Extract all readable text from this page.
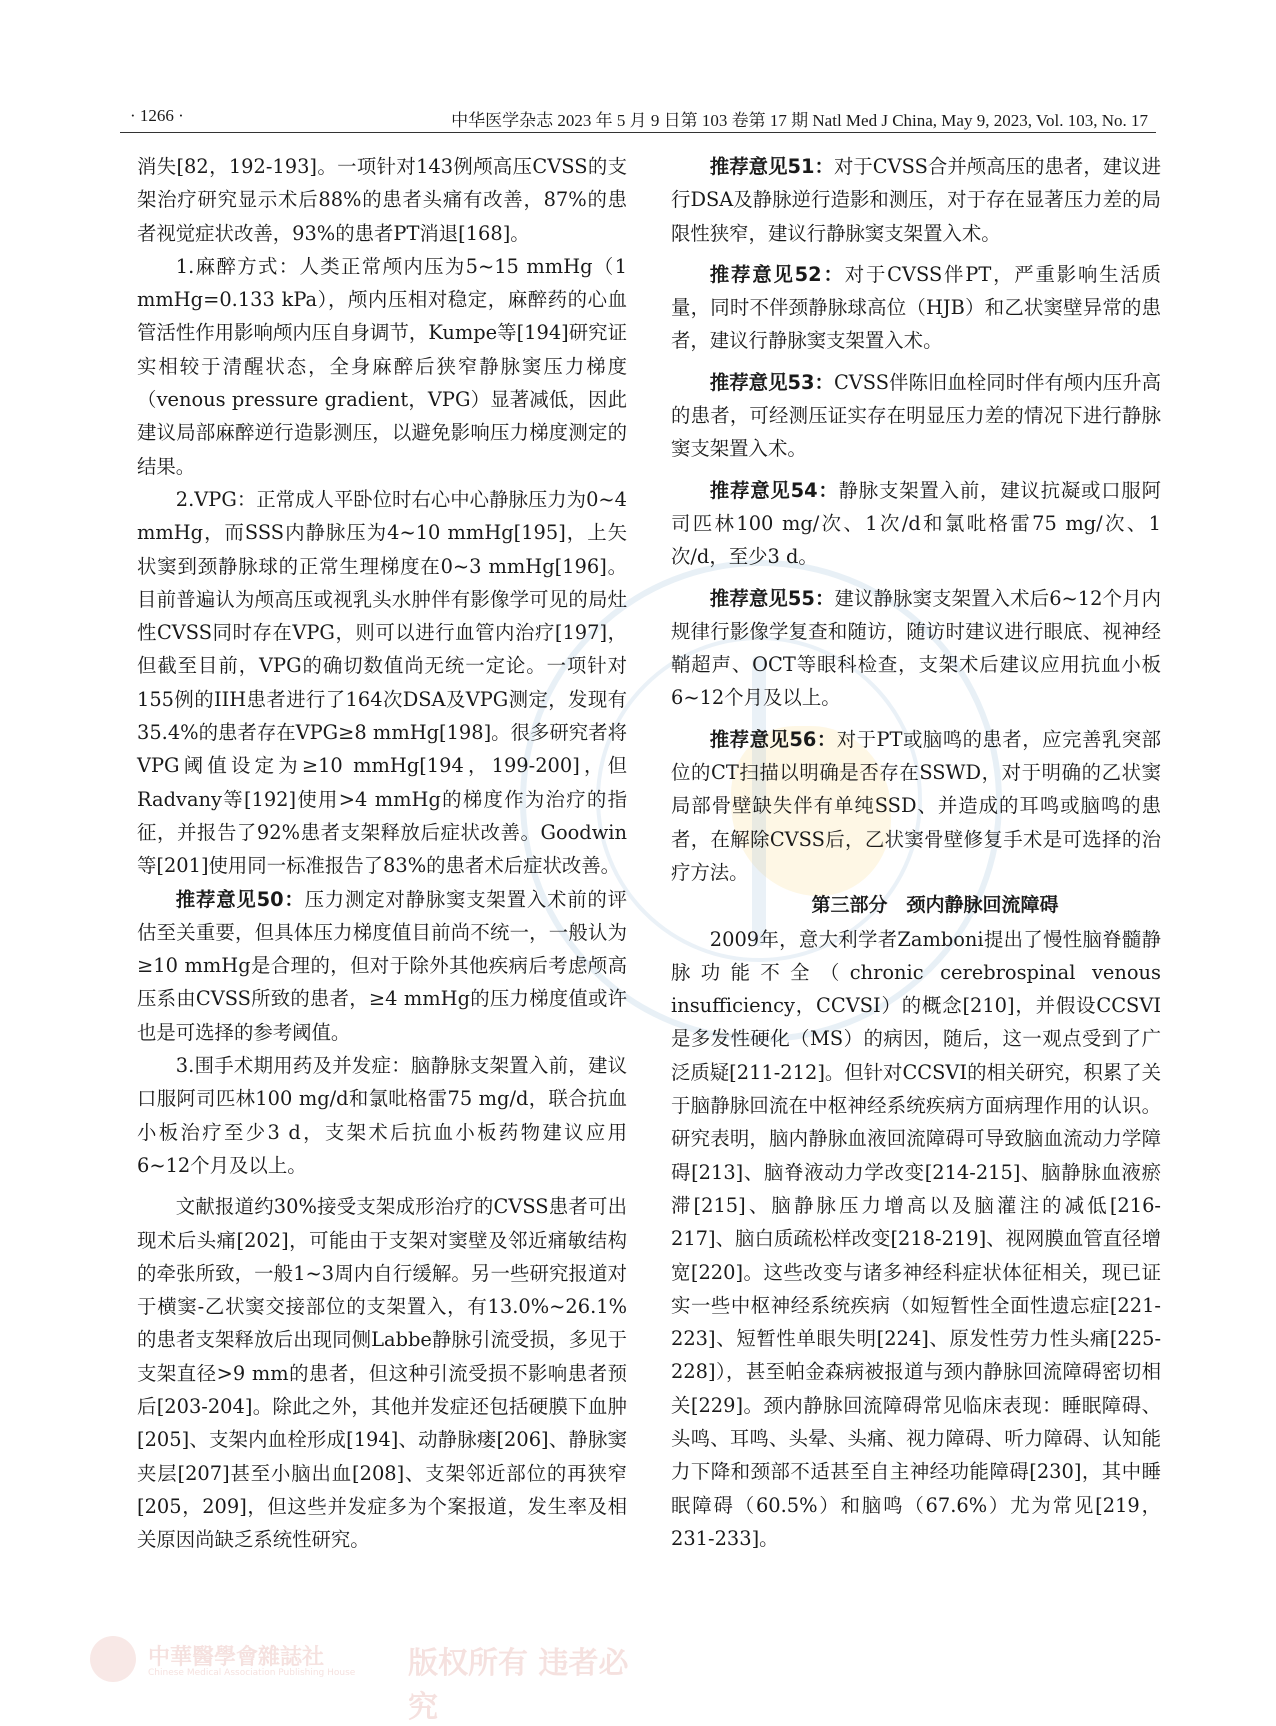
· 1266 ·	中华医学杂志 2023 年 5 月 9 日第 103 卷第 17 期 Natl Med J China, May 9, 2023, Vol. 103, No. 17

消失[82，192-193]。一项针对143例颅高压CVSS的支架治疗研究显示术后88%的患者头痛有改善，87%的患者视觉症状改善，93%的患者PT消退[168]。

1.麻醉方式：人类正常颅内压为5~15 mmHg（1 mmHg=0.133 kPa），颅内压相对稳定，麻醉药的心血管活性作用影响颅内压自身调节，Kumpe等[194]研究证实相较于清醒状态，全身麻醉后狭窄静脉窦压力梯度（venous pressure gradient，VPG）显著减低，因此建议局部麻醉逆行造影测压，以避免影响压力梯度测定的结果。

2.VPG：正常成人平卧位时右心中心静脉压力为0~4 mmHg，而SSS内静脉压为4~10 mmHg[195]，上矢状窦到颈静脉球的正常生理梯度在0~3 mmHg[196]。目前普遍认为颅高压或视乳头水肿伴有影像学可见的局灶性CVSS同时存在VPG，则可以进行血管内治疗[197]，但截至目前，VPG的确切数值尚无统一定论。一项针对155例的IIH患者进行了164次DSA及VPG测定，发现有35.4%的患者存在VPG≥8 mmHg[198]。很多研究者将VPG阈值设定为≥10 mmHg[194，199-200]，但Radvany等[192]使用>4 mmHg的梯度作为治疗的指征，并报告了92%患者支架释放后症状改善。Goodwin等[201]使用同一标准报告了83%的患者术后症状改善。

推荐意见50：压力测定对静脉窦支架置入术前的评估至关重要，但具体压力梯度值目前尚不统一，一般认为≥10 mmHg是合理的，但对于除外其他疾病后考虑颅高压系由CVSS所致的患者，≥4 mmHg的压力梯度值或许也是可选择的参考阈值。

3.围手术期用药及并发症：脑静脉支架置入前，建议口服阿司匹林100 mg/d和氯吡格雷75 mg/d，联合抗血小板治疗至少3 d，支架术后抗血小板药物建议应用6~12个月及以上。

文献报道约30%接受支架成形治疗的CVSS患者可出现术后头痛[202]，可能由于支架对窦壁及邻近痛敏结构的牵张所致，一般1~3周内自行缓解。另一些研究报道对于横窦-乙状窦交接部位的支架置入，有13.0%~26.1%的患者支架释放后出现同侧Labbe静脉引流受损，多见于支架直径>9 mm的患者，但这种引流受损不影响患者预后[203-204]。除此之外，其他并发症还包括硬膜下血肿[205]、支架内血栓形成[194]、动静脉瘘[206]、静脉窦夹层[207]甚至小脑出血[208]、支架邻近部位的再狭窄[205，209]，但这些并发症多为个案报道，发生率及相关原因尚缺乏系统性研究。

推荐意见51：对于CVSS合并颅高压的患者，建议进行DSA及静脉逆行造影和测压，对于存在显著压力差的局限性狭窄，建议行静脉窦支架置入术。

推荐意见52：对于CVSS伴PT，严重影响生活质量，同时不伴颈静脉球高位（HJB）和乙状窦壁异常的患者，建议行静脉窦支架置入术。

推荐意见53：CVSS伴陈旧血栓同时伴有颅内压升高的患者，可经测压证实存在明显压力差的情况下进行静脉窦支架置入术。

推荐意见54：静脉支架置入前，建议抗凝或口服阿司匹林100 mg/次、1次/d和氯吡格雷75 mg/次、1次/d，至少3 d。

推荐意见55：建议静脉窦支架置入术后6~12个月内规律行影像学复查和随访，随访时建议进行眼底、视神经鞘超声、OCT等眼科检查，支架术后建议应用抗血小板6~12个月及以上。

推荐意见56：对于PT或脑鸣的患者，应完善乳突部位的CT扫描以明确是否存在SSWD，对于明确的乙状窦局部骨壁缺失伴有单纯SSD、并造成的耳鸣或脑鸣的患者，在解除CVSS后，乙状窦骨壁修复手术是可选择的治疗方法。

第三部分　颈内静脉回流障碍

2009年，意大利学者Zamboni提出了慢性脑脊髓静脉功能不全（chronic cerebrospinal venous insufficiency，CCVSI）的概念[210]，并假设CCSVI是多发性硬化（MS）的病因，随后，这一观点受到了广泛质疑[211-212]。但针对CCSVI的相关研究，积累了关于脑静脉回流在中枢神经系统疾病方面病理作用的认识。研究表明，脑内静脉血液回流障碍可导致脑血流动力学障碍[213]、脑脊液动力学改变[214-215]、脑静脉血液瘀滞[215]、脑静脉压力增高以及脑灌注的减低[216-217]、脑白质疏松样改变[218-219]、视网膜血管直径增宽[220]。这些改变与诸多神经科症状体征相关，现已证实一些中枢神经系统疾病（如短暂性全面性遗忘症[221-223]、短暂性单眼失明[224]、原发性劳力性头痛[225-228]），甚至帕金森病被报道与颈内静脉回流障碍密切相关[229]。颈内静脉回流障碍常见临床表现：睡眠障碍、头鸣、耳鸣、头晕、头痛、视力障碍、听力障碍、认知能力下降和颈部不适甚至自主神经功能障碍[230]，其中睡眠障碍（60.5%）和脑鸣（67.6%）尤为常见[219，231-233]。

中華醫學會雜誌社
Chinese Medical Association Publishing House 版权所有 违者必究
